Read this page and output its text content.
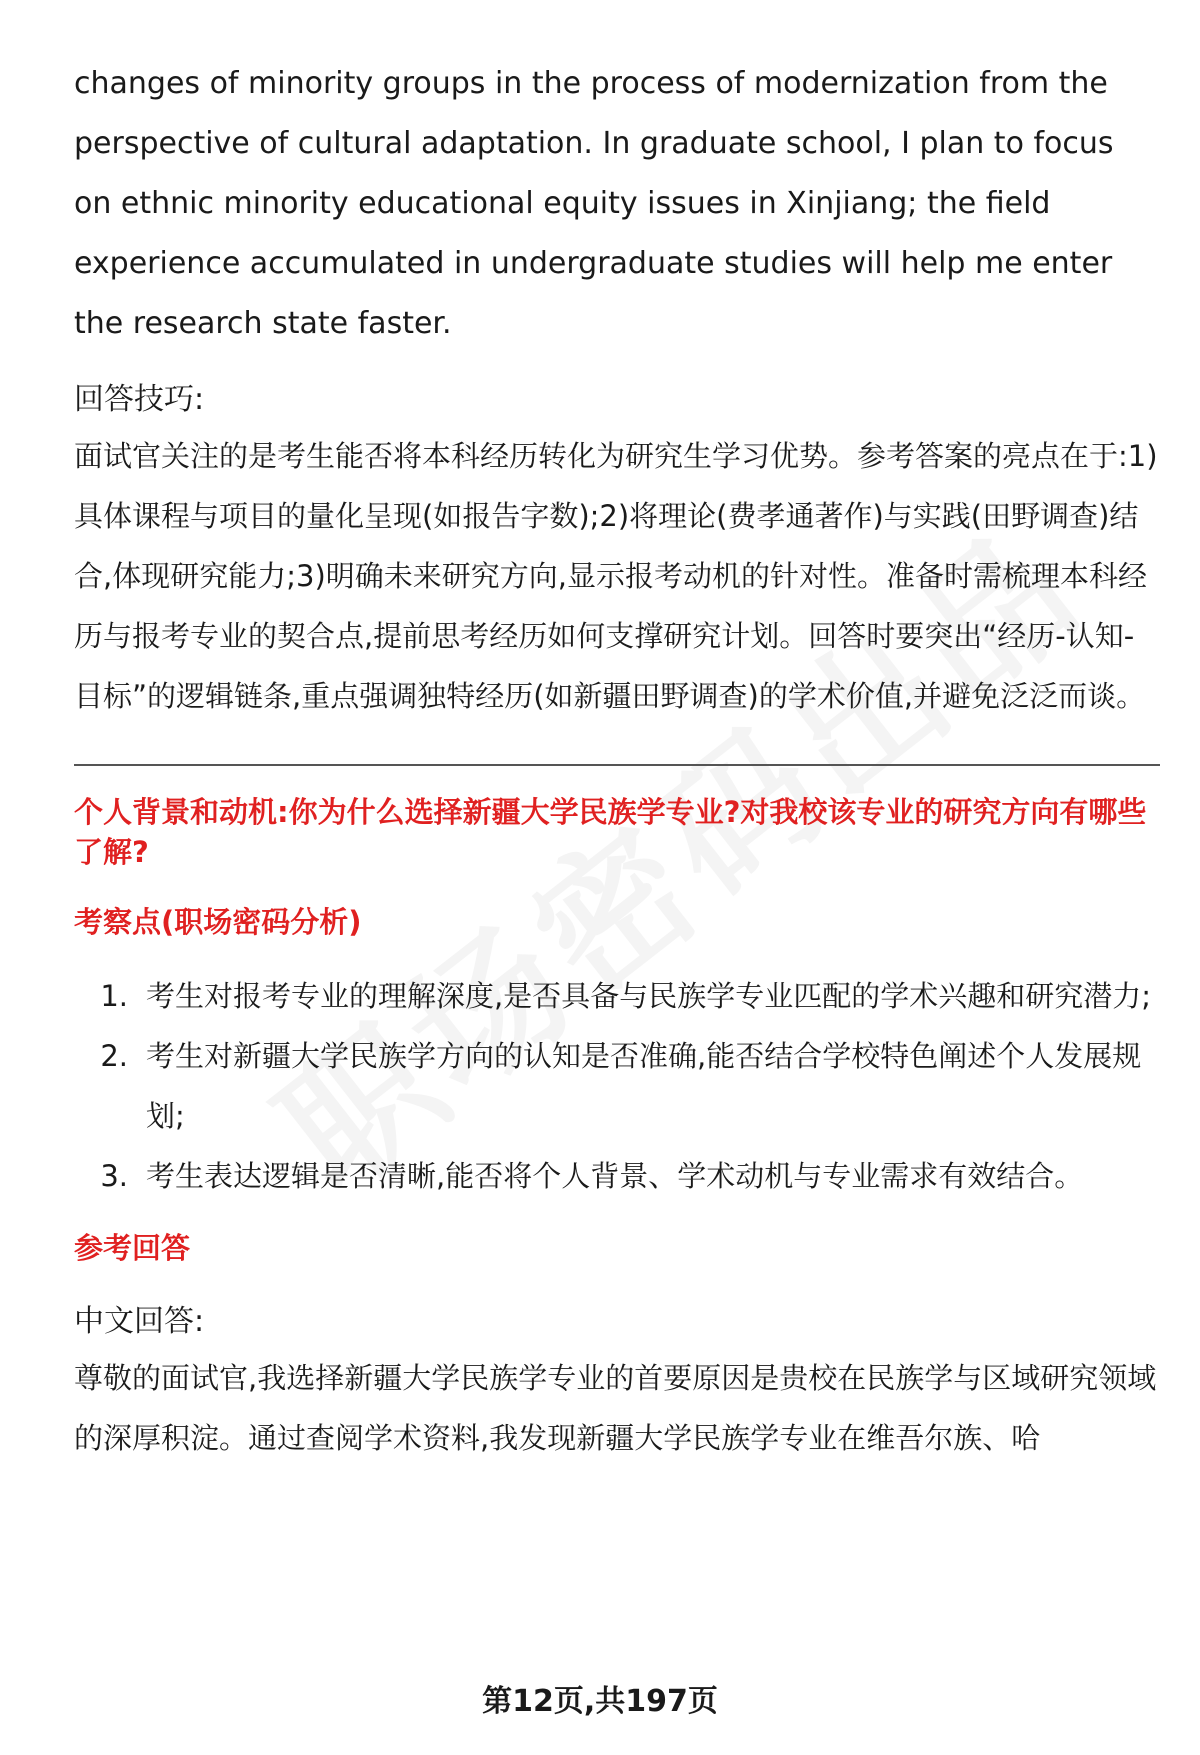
changes of minority groups in the process of modernization from the perspective of cultural adaptation. In graduate school, I plan to focus on ethnic minority educational equity issues in Xinjiang; the field experience accumulated in undergraduate studies will help me enter the research state faster.

回答技巧:

面试官关注的是考生能否将本科经历转化为研究生学习优势。参考答案的亮点在于:1)具体课程与项目的量化呈现(如报告字数);2)将理论(费孝通著作)与实践(田野调查)结合,体现研究能力;3)明确未来研究方向,显示报考动机的针对性。准备时需梳理本科经历与报考专业的契合点,提前思考经历如何支撑研究计划。回答时要突出“经历-认知-目标”的逻辑链条,重点强调独特经历(如新疆田野调查)的学术价值,并避免泛泛而谈。

个人背景和动机:你为什么选择新疆大学民族学专业?对我校该专业的研究方向有哪些了解?

考察点(职场密码分析)

1. 考生对报考专业的理解深度,是否具备与民族学专业匹配的学术兴趣和研究潜力;
2. 考生对新疆大学民族学方向的认知是否准确,能否结合学校特色阐述个人发展规划;
3. 考生表达逻辑是否清晰,能否将个人背景、学术动机与专业需求有效结合。

参考回答

中文回答:

尊敬的面试官,我选择新疆大学民族学专业的首要原因是贵校在民族学与区域研究领域的深厚积淀。通过查阅学术资料,我发现新疆大学民族学专业在维吾尔族、哈

第12页,共197页
